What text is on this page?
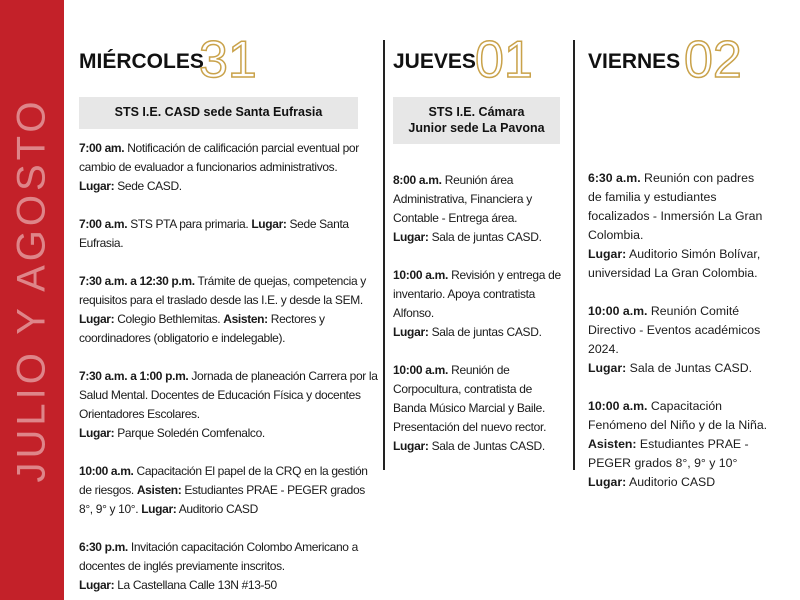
JULIO Y AGOSTO
MIÉRCOLES
31
STS I.E. CASD sede Santa Eufrasia

7:00 am. Notificación de calificación parcial eventual por cambio de evaluador a funcionarios administrativos.
Lugar: Sede CASD.

7:00 a.m. STS PTA para primaria. Lugar: Sede Santa Eufrasia.

7:30 a.m. a 12:30 p.m. Trámite de quejas, competencia y requisitos para el traslado desde las I.E. y desde la SEM. Lugar: Colegio Bethlemitas. Asisten: Rectores y coordinadores (obligatorio e indelegable).

7:30 a.m. a 1:00 p.m. Jornada de planeación Carrera por la Salud Mental. Docentes de Educación Física y docentes Orientadores Escolares.
Lugar: Parque Soledén Comfenalco.

10:00 a.m. Capacitación El papel de la CRQ en la gestión de riesgos. Asisten: Estudiantes PRAE - PEGER grados 8°, 9° y 10°. Lugar: Auditorio CASD

6:30 p.m. Invitación capacitación Colombo Americano a docentes de inglés previamente inscritos.
Lugar: La Castellana Calle 13N #13-50

JUEVES 01
STS I.E. Cámara
Junior sede La Pavona

8:00 a.m. Reunión área Administrativa, Financiera y Contable - Entrega área.
Lugar: Sala de juntas CASD.

10:00 a.m. Revisión y entrega de inventario. Apoya contratista Alfonso.
Lugar: Sala de juntas CASD.

10:00 a.m. Reunión de Corpocultura, contratista de Banda Músico Marcial y Baile. Presentación del nuevo rector.
Lugar: Sala de Juntas CASD.

VIERNES 02

6:30 a.m. Reunión con padres de familia y estudiantes focalizados - Inmersión La Gran Colombia.
Lugar: Auditorio Simón Bolívar, universidad La Gran Colombia.

10:00 a.m. Reunión Comité Directivo - Eventos académicos 2024.
Lugar: Sala de Juntas CASD.

10:00 a.m. Capacitación Fenómeno del Niño y de la Niña. Asisten: Estudiantes PRAE - PEGER grados 8°, 9° y 10°
Lugar: Auditorio CASD
